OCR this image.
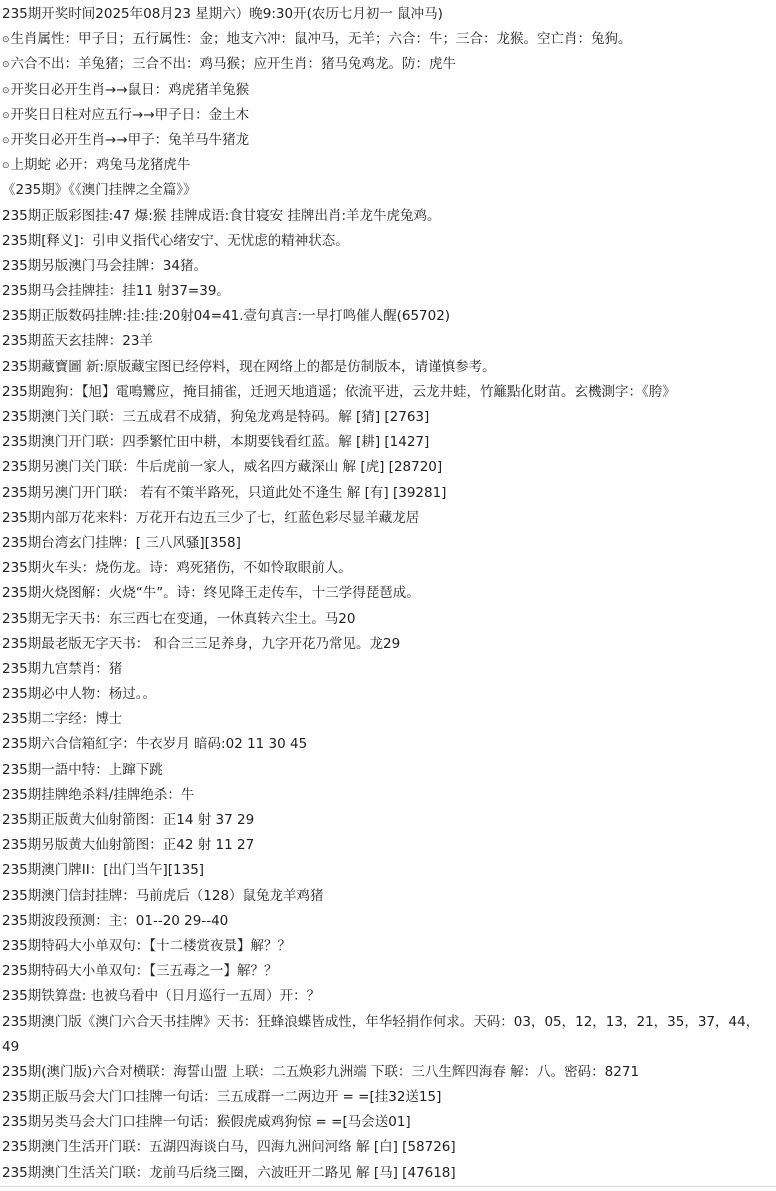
235期开奖时间2025年08月23 星期六）晚9:30开(农历七月初一 鼠冲马)
⊙生肖属性：甲子日；五行属性：金；地支六冲：鼠冲马，无羊；六合：牛；三合：龙猴。空亡肖：兔狗。
⊙六合不出：羊兔猪；三合不出：鸡马猴；应开生肖：猪马兔鸡龙。防：虎牛
⊙开奖日必开生肖→→鼠日：鸡虎猪羊兔猴
⊙开奖日日柱对应五行→→甲子日：金土木
⊙开奖日必开生肖→→甲子：兔羊马牛猪龙
⊙上期蛇 必开：鸡兔马龙猪虎牛
《235期》《《澳门挂牌之全篇》》
235期正版彩图挂:47 爆:猴 挂牌成语:食甘寝安 挂牌出肖:羊龙牛虎兔鸡。
235期[释义]：引申义指代心绪安宁、无忧虑的精神状态。
235期另版澳门马会挂牌：34猪。
235期马会挂牌挂：挂11 射37=39。
235期正版数码挂牌:挂:挂:20射04=41.壹句真言:一早打鸣催人醒(65702)
235期蓝天玄挂牌：23羊
235期藏寶圖 新:原版藏宝图已经停料，现在网络上的都是仿制版本，请谨慎参考。
235期跑狗：【旭】電鳴鸞应，掩目捕雀，迁迥天地逍遥；依流平进，云龙井蛙，竹籬點化財苗。玄機測字：《胯》
235期澳门关门联：三五成君不成猜，狗兔龙鸡是特码。解 [猜] [2763]
235期澳门开门联：四季繁忙田中耕，本期要钱看红蓝。解 [耕] [1427]
235期另澳门关门联：牛后虎前一家人，威名四方藏深山 解 [虎] [28720]
235期另澳门开门联： 若有不策半路死，只道此处不逢生 解 [有] [39281]
235期内部万花来料：万花开右边五三少了七，红蓝色彩尽显羊藏龙居
235期台湾玄门挂牌：[ 三八风骚][358]
235期火车头：烧伤龙。诗：鸡死猪伤，不如怜取眼前人。
235期火烧图解：火烧“牛”。诗：终见降王走传车，十三学得琵琶成。
235期无字天书：东三西七在变通，一休真转六尘土。马20
235期最老版无字天书： 和合三三足养身，九字开花乃常见。龙29
235期九宫禁肖：猪
235期必中人物：杨过。。
235期二字经：博士
235期六合信箱紅字：牛衣岁月 暗码:02 11 30 45
235期一語中特：上蹿下跳
235期挂牌绝杀料/挂牌绝杀：牛
235期正版黄大仙射箭图：正14 射 37 29
235期另版黄大仙射箭图：正42 射 11 27
235期澳门牌II：[出门当午][135]
235期澳门信封挂牌：马前虎后（128）鼠兔龙羊鸡猪
235期波段预测：主：01--20 29--40
235期特码大小单双句：【十二楼赏夜景】解？？
235期特码大小单双句：【三五毒之一】解？？
235期铁算盘: 也被乌看中（日月巡行一五周）开：？
235期澳门版《澳门六合天书挂牌》天书：狂蜂浪蝶皆成性，年华轻捐作何求。天码：03，05，12，13，21，35，37，44，49
235期(澳门版)六合对横联：海誓山盟 上联：二五焕彩九洲端 下联：三八生辉四海春 解：八。密码：8271
235期正版马会大门口挂牌一句话：三五成群一二两边开 = =[挂32送15]
235期另类马会大门口挂牌一句话：猴假虎威鸡狗惊 = =[马会送01]
235期澳门生活开门联：五湖四海谈白马，四海九洲问河络 解 [白] [58726]
235期澳门生活关门联：龙前马后绕三圈，六波旺开二路见 解 [马] [47618]
